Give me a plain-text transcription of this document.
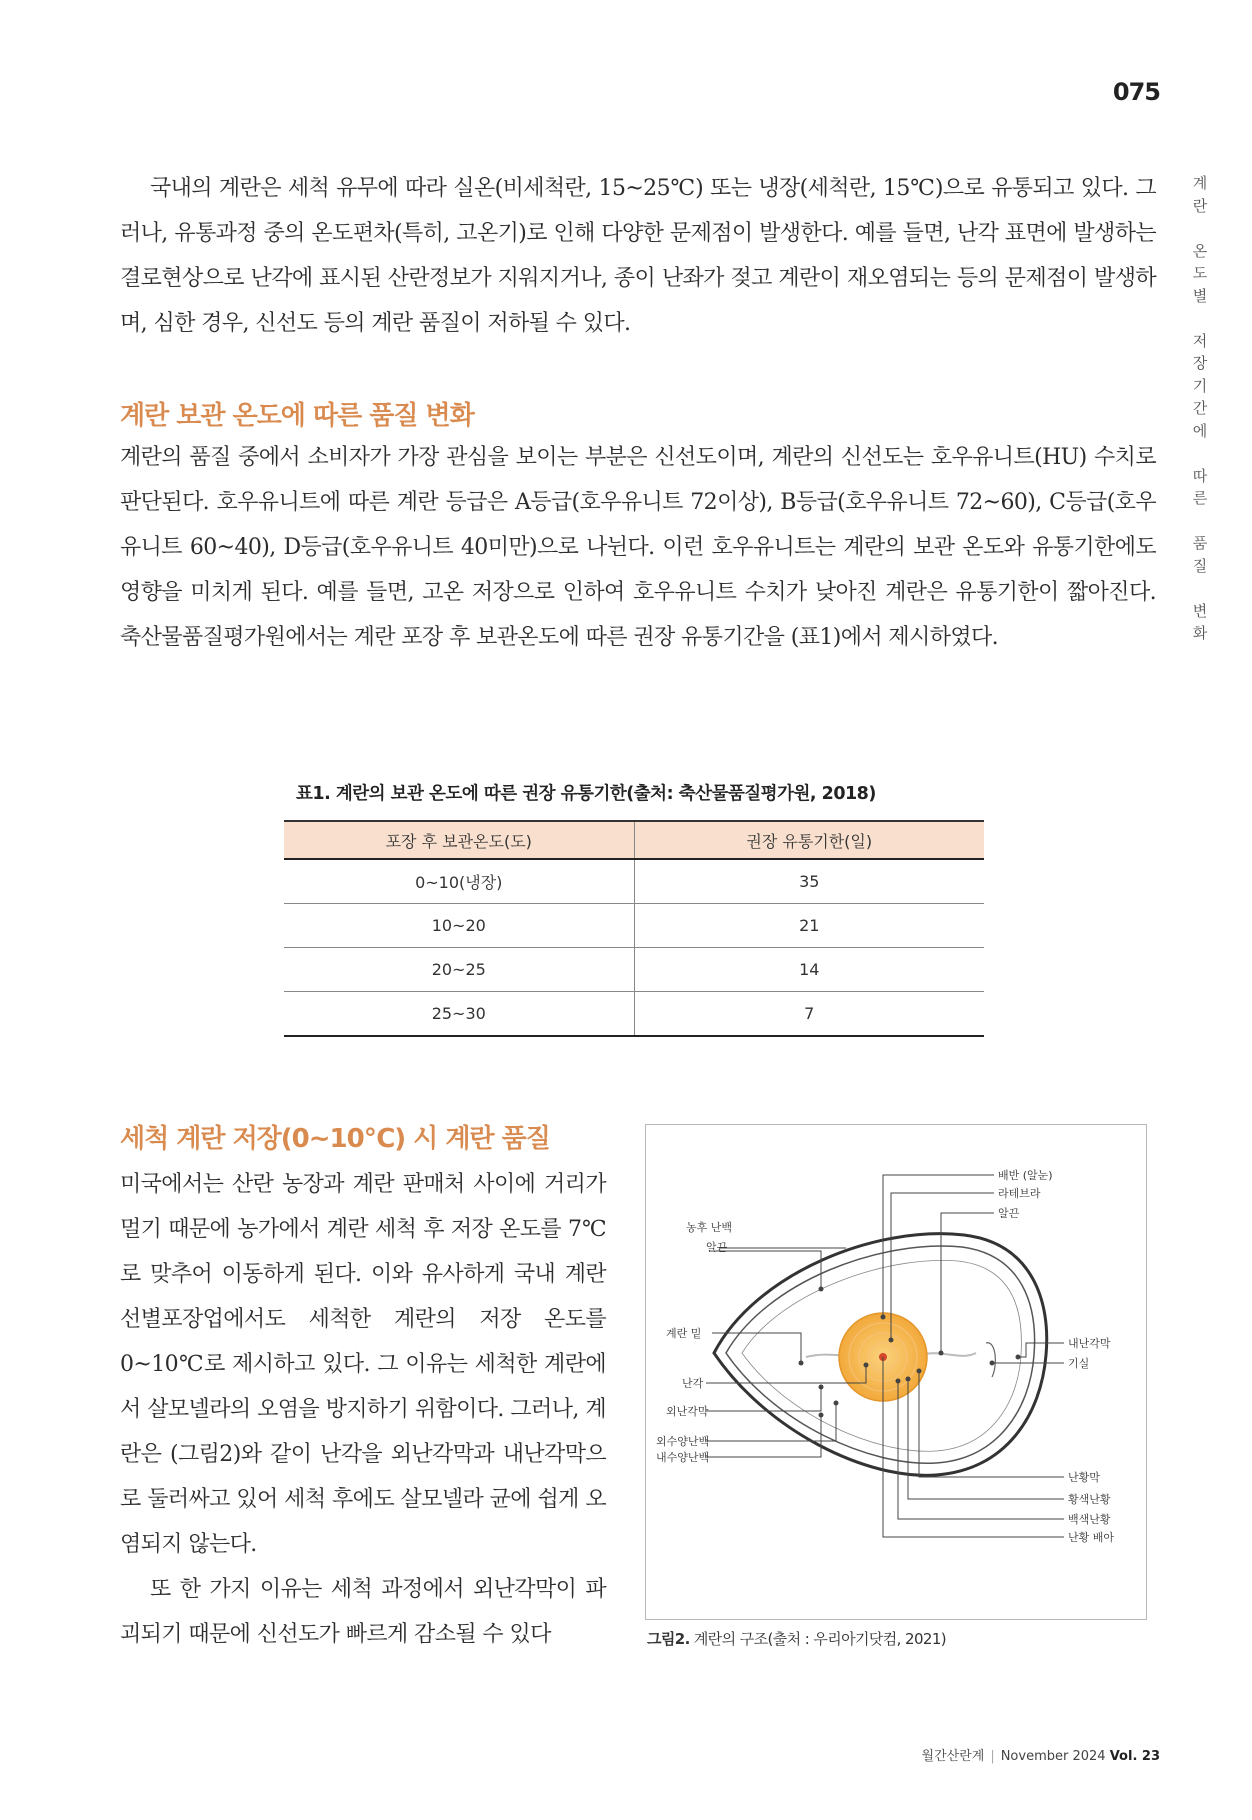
075
계
란
온
도
별
저
장
기
간
에
따
른
품
질
변
화

국내의 계란은 세척 유무에 따라 실온(비세척란, 15~25℃) 또는 냉장(세척란, 15℃)으로 유통되고 있다. 그러나, 유통과정 중의 온도편차(특히, 고온기)로 인해 다양한 문제점이 발생한다. 예를 들면, 난각 표면에 발생하는 결로현상으로 난각에 표시된 산란정보가 지워지거나, 종이 난좌가 젖고 계란이 재오염되는 등의 문제점이 발생하며, 심한 경우, 신선도 등의 계란 품질이 저하될 수 있다.

계란 보관 온도에 따른 품질 변화

계란의 품질 중에서 소비자가 가장 관심을 보이는 부분은 신선도이며, 계란의 신선도는 호우유니트(HU) 수치로 판단된다. 호우유니트에 따른 계란 등급은 A등급(호우유니트 72이상), B등급(호우유니트 72~60), C등급(호우유니트 60~40), D등급(호우유니트 40미만)으로 나뉜다. 이런 호우유니트는 계란의 보관 온도와 유통기한에도 영향을 미치게 된다. 예를 들면, 고온 저장으로 인하여 호우유니트 수치가 낮아진 계란은 유통기한이 짧아진다. 축산물품질평가원에서는 계란 포장 후 보관온도에 따른 권장 유통기간을 (표1)에서 제시하였다.

표1. 계란의 보관 온도에 따른 권장 유통기한(출처: 축산물품질평가원, 2018)
포장 후 보관온도(도)	권장 유통기한(일)
0~10(냉장)	35
10~20	21
20~25	14
25~30	7
세척 계란 저장(0~10℃) 시 계란 품질

미국에서는 산란 농장과 계란 판매처 사이에 거리가 멀기 때문에 농가에서 계란 세척 후 저장 온도를 7℃로 맞추어 이동하게 된다. 이와 유사하게 국내 계란 선별포장업에서도 세척한 계란의 저장 온도를 0~10℃로 제시하고 있다. 그 이유는 세척한 계란에서 살모넬라의 오염을 방지하기 위함이다. 그러나, 계란은 (그림2)와 같이 난각을 외난각막과 내난각막으로 둘러싸고 있어 세척 후에도 살모넬라 균에 쉽게 오염되지 않는다.

또 한 가지 이유는 세척 과정에서 외난각막이 파괴되기 때문에 신선도가 빠르게 감소될 수 있다

배반 (알눈)
라테브라
알끈
농후 난백
알끈
계란 밑
난각
외난각막
외수양난백
내수양난백
내난각막
기실
난황막
황색난황
백색난황
난황 배아
그림2. 계란의 구조(출처 : 우리아기닷컴, 2021)
월간산란계 | November 2024 Vol. 23
